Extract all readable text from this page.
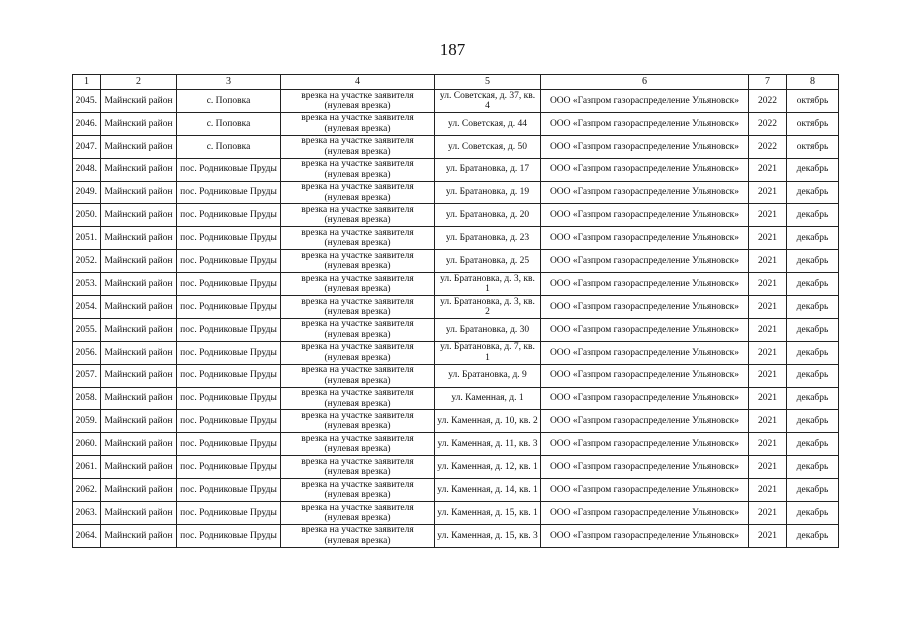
187
1	2	3	4	5	6	7	8
2045.	Майнский район	с. Поповка	врезка на участке заявителя (нулевая врезка)	ул. Советская, д. 37, кв. 4	ООО «Газпром газораспределение Ульяновск»	2022	октябрь
2046.	Майнский район	с. Поповка	врезка на участке заявителя (нулевая врезка)	ул. Советская, д. 44	ООО «Газпром газораспределение Ульяновск»	2022	октябрь
2047.	Майнский район	с. Поповка	врезка на участке заявителя (нулевая врезка)	ул. Советская, д. 50	ООО «Газпром газораспределение Ульяновск»	2022	октябрь
2048.	Майнский район	пос. Родниковые Пруды	врезка на участке заявителя (нулевая врезка)	ул. Братановка, д. 17	ООО «Газпром газораспределение Ульяновск»	2021	декабрь
2049.	Майнский район	пос. Родниковые Пруды	врезка на участке заявителя (нулевая врезка)	ул. Братановка, д. 19	ООО «Газпром газораспределение Ульяновск»	2021	декабрь
2050.	Майнский район	пос. Родниковые Пруды	врезка на участке заявителя (нулевая врезка)	ул. Братановка, д. 20	ООО «Газпром газораспределение Ульяновск»	2021	декабрь
2051.	Майнский район	пос. Родниковые Пруды	врезка на участке заявителя (нулевая врезка)	ул. Братановка, д. 23	ООО «Газпром газораспределение Ульяновск»	2021	декабрь
2052.	Майнский район	пос. Родниковые Пруды	врезка на участке заявителя (нулевая врезка)	ул. Братановка, д. 25	ООО «Газпром газораспределение Ульяновск»	2021	декабрь
2053.	Майнский район	пос. Родниковые Пруды	врезка на участке заявителя (нулевая врезка)	ул. Братановка, д. 3, кв. 1	ООО «Газпром газораспределение Ульяновск»	2021	декабрь
2054.	Майнский район	пос. Родниковые Пруды	врезка на участке заявителя (нулевая врезка)	ул. Братановка, д. 3, кв. 2	ООО «Газпром газораспределение Ульяновск»	2021	декабрь
2055.	Майнский район	пос. Родниковые Пруды	врезка на участке заявителя (нулевая врезка)	ул. Братановка, д. 30	ООО «Газпром газораспределение Ульяновск»	2021	декабрь
2056.	Майнский район	пос. Родниковые Пруды	врезка на участке заявителя (нулевая врезка)	ул. Братановка, д. 7, кв. 1	ООО «Газпром газораспределение Ульяновск»	2021	декабрь
2057.	Майнский район	пос. Родниковые Пруды	врезка на участке заявителя (нулевая врезка)	ул. Братановка, д. 9	ООО «Газпром газораспределение Ульяновск»	2021	декабрь
2058.	Майнский район	пос. Родниковые Пруды	врезка на участке заявителя (нулевая врезка)	ул. Каменная, д. 1	ООО «Газпром газораспределение Ульяновск»	2021	декабрь
2059.	Майнский район	пос. Родниковые Пруды	врезка на участке заявителя (нулевая врезка)	ул. Каменная, д. 10, кв. 2	ООО «Газпром газораспределение Ульяновск»	2021	декабрь
2060.	Майнский район	пос. Родниковые Пруды	врезка на участке заявителя (нулевая врезка)	ул. Каменная, д. 11, кв. 3	ООО «Газпром газораспределение Ульяновск»	2021	декабрь
2061.	Майнский район	пос. Родниковые Пруды	врезка на участке заявителя (нулевая врезка)	ул. Каменная, д. 12, кв. 1	ООО «Газпром газораспределение Ульяновск»	2021	декабрь
2062.	Майнский район	пос. Родниковые Пруды	врезка на участке заявителя (нулевая врезка)	ул. Каменная, д. 14, кв. 1	ООО «Газпром газораспределение Ульяновск»	2021	декабрь
2063.	Майнский район	пос. Родниковые Пруды	врезка на участке заявителя (нулевая врезка)	ул. Каменная, д. 15, кв. 1	ООО «Газпром газораспределение Ульяновск»	2021	декабрь
2064.	Майнский район	пос. Родниковые Пруды	врезка на участке заявителя (нулевая врезка)	ул. Каменная, д. 15, кв. 3	ООО «Газпром газораспределение Ульяновск»	2021	декабрь
